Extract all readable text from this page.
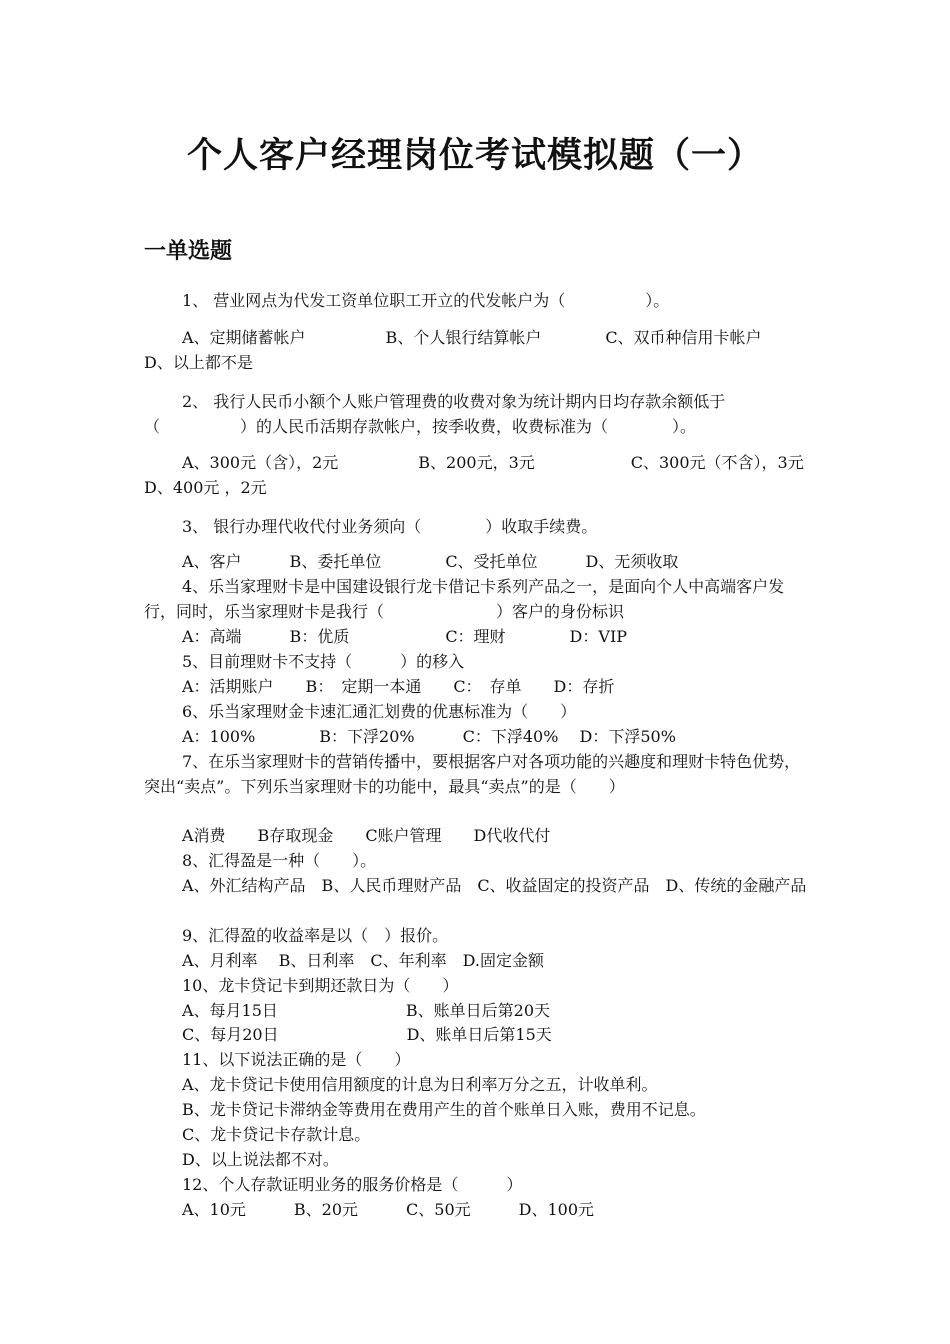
个人客户经理岗位考试模拟题（一）
一单选题

1、 营业网点为代发工资单位职工开立的代发帐户为（　　　　　）。

A、定期储蓄帐户　　　　　B、个人银行结算帐户　　　　C、双币种信用卡帐户　　D、以上都不是

2、 我行人民币小额个人账户管理费的收费对象为统计期内日均存款余额低于（　　　　　）的人民币活期存款帐户，按季收费，收费标准为（　　　　）。

A、300元（含），2元　　　　　B、200元，3元　　　　　　C、300元（不含），3元　　　　　D、400元 ，2元

3、 银行办理代收代付业务须向（　　　　）收取手续费。

A、客户　　　B、委托单位　　　　C、受托单位　　　D、无须收取

4、乐当家理财卡是中国建设银行龙卡借记卡系列产品之一，是面向个人中高端客户发行，同时，乐当家理财卡是我行（　　　　　　　）客户的身份标识

A：高端　　　B：优质　　　　　　C：理财　　　　D：VIP

5、目前理财卡不支持（　　　）的移入

A：活期账户　　B：　定期一本通　　C：　存单　　D：存折

6、乐当家理财金卡速汇通汇划费的优惠标准为（　　）

A：100%　　　　B：下浮20%　　　C：下浮40%　 D：下浮50%

7、在乐当家理财卡的营销传播中，要根据客户对各项功能的兴趣度和理财卡特色优势，突出“卖点”。下列乐当家理财卡的功能中，最具“卖点”的是（　　）

A消费　　B存取现金　　C账户管理　　D代收代付

8、汇得盈是一种（　　）。

A、外汇结构产品　B、人民币理财产品　C、收益固定的投资产品　D、传统的金融产品

9、汇得盈的收益率是以（　）报价。

A、月利率　 B、日利率　C、年利率　D.固定金额

10、龙卡贷记卡到期还款日为（　　）

A、每月15日　　　　　　　　B、账单日后第20天

C、每月20日　　　　　　　　D、账单日后第15天

11、以下说法正确的是（　　）

A、龙卡贷记卡使用信用额度的计息为日利率万分之五，计收单利。

B、龙卡贷记卡滞纳金等费用在费用产生的首个账单日入账，费用不记息。

C、龙卡贷记卡存款计息。

D、以上说法都不对。

12、个人存款证明业务的服务价格是（　　　）

A、10元　　　B、20元　　　C、50元　　　D、100元
